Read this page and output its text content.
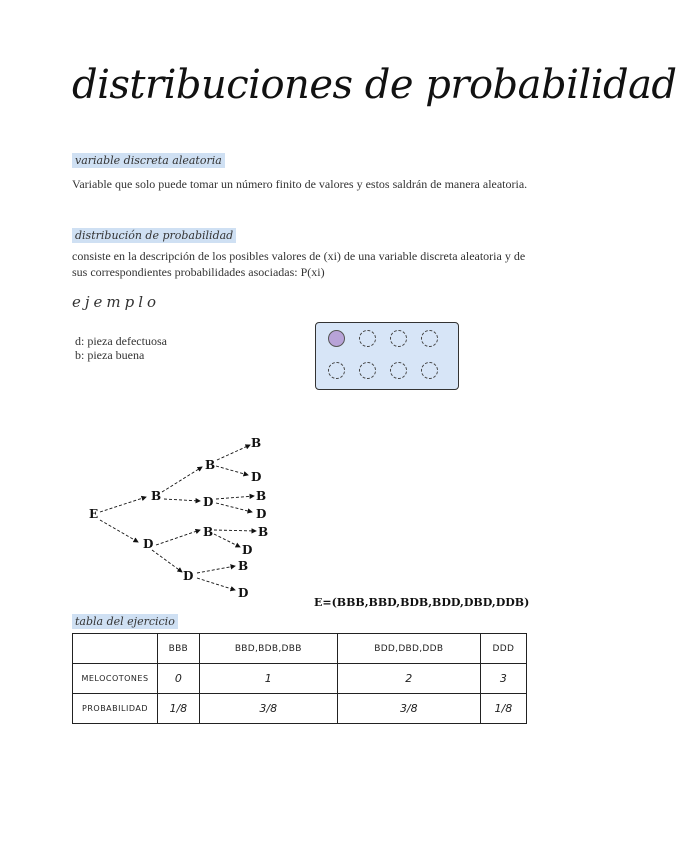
distribuciones de probabilidad
variable discreta aleatoria
Variable que solo puede tomar un número finito de valores y estos saldrán de manera aleatoria.
distribución de probabilidad
consiste en la descripción de los posibles valores de (xi) de una variable discreta aleatoria y de sus correspondientes probabilidades asociadas: P(xi)
ejemplo
d: pieza defectuosa
b: pieza buena
E
B
D
B
D
B
D
B
D
B
D
B
D
B
D
E=(BBB,BBD,BDB,BDD,DBD,DDB)
tabla del ejercicio
	BBB	BBD,BDB,DBB	BDD,DBD,DDB	DDD
MELOCOTONES	0	1	2	3
PROBABILIDAD	1/8	3/8	3/8	1/8
